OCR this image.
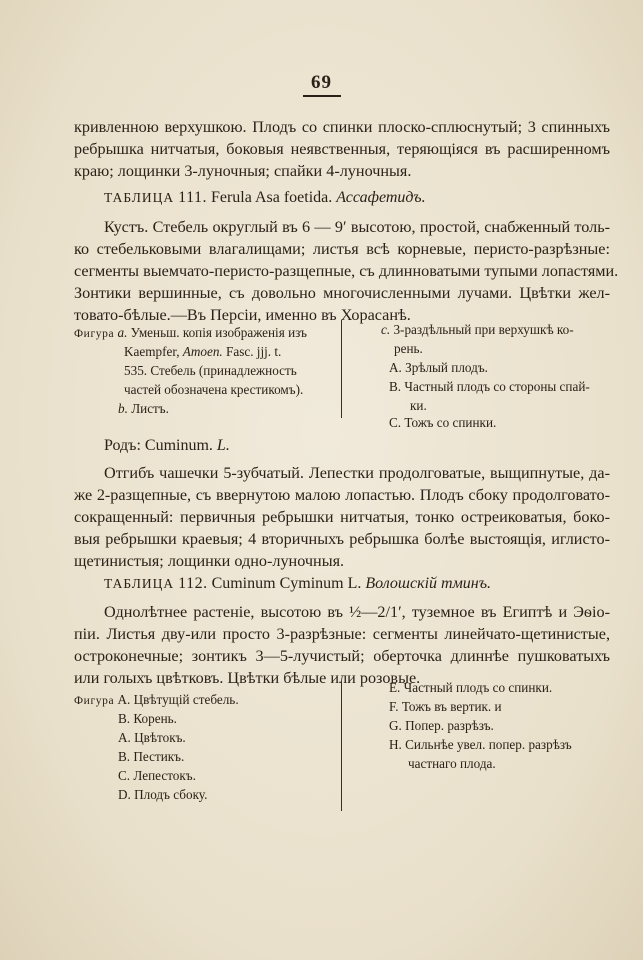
69
кривленною верхушкою. Плодъ со спинки плоско-сплюснутый; 3 спинныхъ
ребрышка нитчатыя, боковыя неявственныя, теряющіяся въ расширенномъ
краю; лощинки 3-луночныя; спайки 4-луночныя.
ТАБЛИЦА 111. Ferula Asa foetida. Ассафетидъ.
Кустъ. Стебель округлый въ 6 — 9′ высотою, простой, снабженный толь-
ко стебельковыми влагалищами; листья всѣ корневые, перисто-разрѣзные:
сегменты выемчато-перисто-разщепные, съ длинноватыми тупыми лопастями.
Зонтики вершинные, съ довольно многочисленными лучами. Цвѣтки жел-
товато-бѣлые.—Въ Персіи, именно въ Хорасанѣ.
Фигура a. Уменьш. копія изображенія изъ
Kaempfer, Amoen. Fasc. jjj. t.
535. Стебель (принадлежность
частей обозначена крестикомъ).
b. Листъ.
c. 3-раздѣльный при верхушкѣ ко-
рень.
А. Зрѣлый плодъ.
В. Частный плодъ со стороны спай-
ки.
С. Тожъ со спинки.
Родъ: Cuminum. L.
Отгибъ чашечки 5-зубчатый. Лепестки продолговатые, выщипнутые, да-
же 2-разщепные, съ ввернутою малою лопастью. Плодъ сбоку продолговато-
сокращенный: первичныя ребрышки нитчатыя, тонко остреиковатыя, боко-
выя ребрышки краевыя; 4 вторичныхъ ребрышка болѣе выстоящія, иглисто-
щетинистыя; лощинки одно-луночныя.
ТАБЛИЦА 112. Cuminum Cyminum L. Волошскій тминъ.
Однолѣтнее растеніе, высотою въ ½—2/1′, туземное въ Египтѣ и Эѳіо-
піи. Листья дву-или просто 3-разрѣзные: сегменты линейчато-щетинистые,
остроконечные; зонтикъ 3—5-лучистый; оберточка длиннѣе пушковатыхъ
или голыхъ цвѣтковъ. Цвѣтки бѣлые или розовые.
Фигура А. Цвѣтущій стебель.
В. Корень.
А. Цвѣтокъ.
В. Пестикъ.
С. Лепестокъ.
D. Плодъ сбоку.
Е. Частный плодъ со спинки.
F. Тожъ въ вертик. и
G. Попер. разрѣзъ.
Н. Сильнѣе увел. попер. разрѣзъ
частнаго плода.
